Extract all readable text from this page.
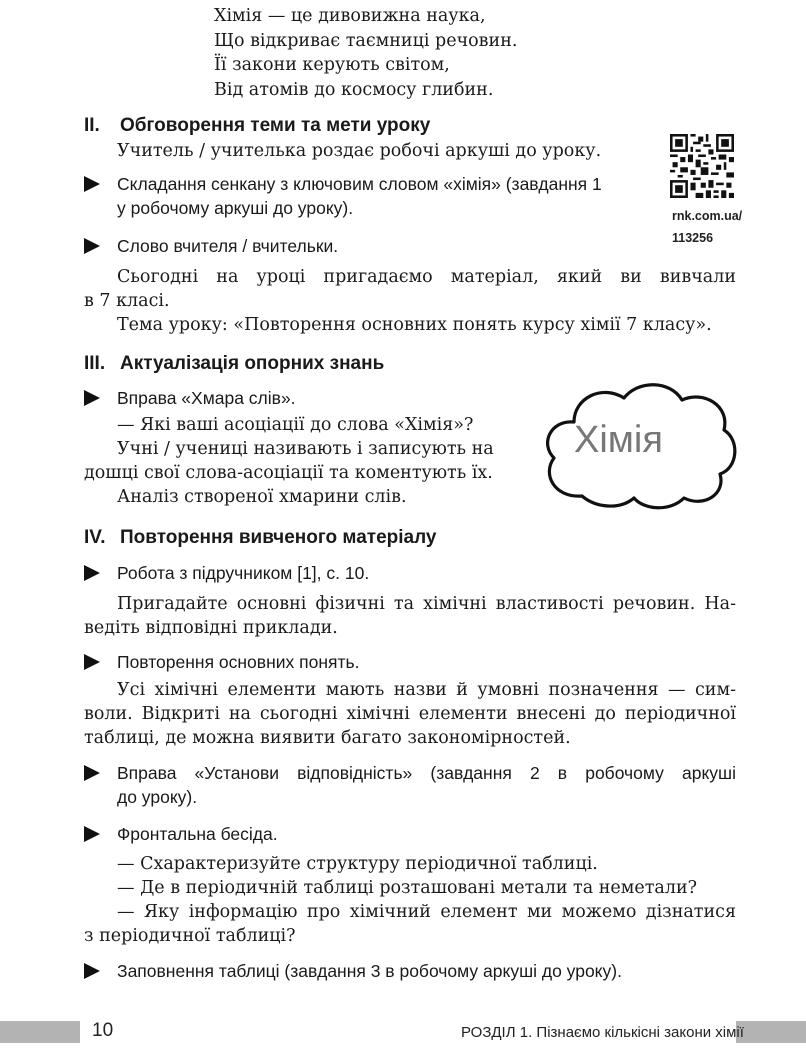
Хімія — це дивовижна наука,
Що відкриває таємниці речовин.
Її закони керують світом,
Від атомів до космосу глибин.
II. Обговорення теми та мети уроку
Учитель / учителька роздає робочі аркуші до уроку.
Складання сенкану з ключовим словом «хімія» (завдання 1
у робочому аркуші до уроку).
Слово вчителя / вчительки.
Сьогодні на уроці пригадаємо матеріал, який ви вивчали
в 7 класі.
Тема уроку: «Повторення основних понять курсу хімії 7 класу».
rnk.com.ua/
113256
III. Актуалізація опорних знань
Вправа «Хмара слів».
— Які ваші асоціації до слова «Хімія»?
Учні / учениці називають і записують на
дошці свої слова-асоціації та коментують їх.
Аналіз створеної хмарини слів.
Хімія
IV. Повторення вивченого матеріалу
Робота з підручником [1], с. 10.
Пригадайте основні фізичні та хімічні властивості речовин. На-
ведіть відповідні приклади.
Повторення основних понять.
Усі хімічні елементи мають назви й умовні позначення — сим-
воли. Відкриті на сьогодні хімічні елементи внесені до періодичної
таблиці, де можна виявити багато закономірностей.
Вправа «Установи відповідність» (завдання 2 в робочому аркуші
до уроку).
Фронтальна бесіда.
— Схарактеризуйте структуру періодичної таблиці.
— Де в періодичній таблиці розташовані метали та неметали?
— Яку інформацію про хімічний елемент ми можемо дізнатися
з періодичної таблиці?
Заповнення таблиці (завдання 3 в робочому аркуші до уроку).
10	РОЗДІЛ 1. Пізнаємо кількісні закони хімії
